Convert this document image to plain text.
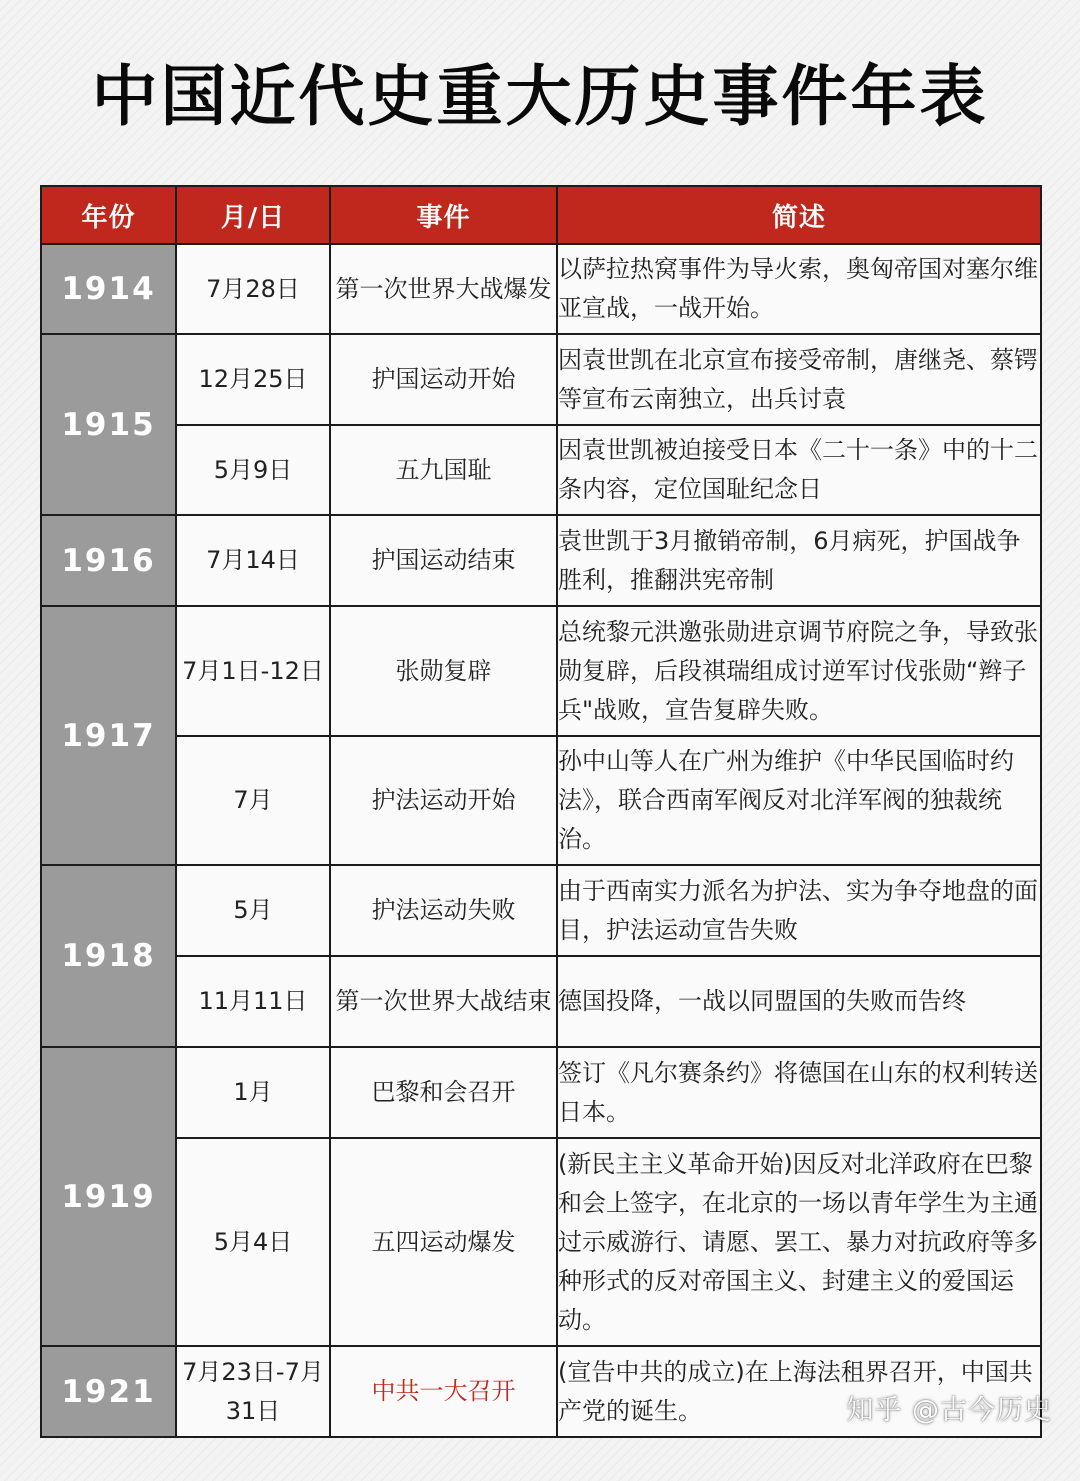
中国近代史重大历史事件年表
年份	月/日	事件	简述
1914	7月28日	第一次世界大战爆发	以萨拉热窝事件为导火索，奥匈帝国对塞尔维亚宣战，一战开始。
1915	12月25日	护国运动开始	因袁世凯在北京宣布接受帝制，唐继尧、蔡锷等宣布云南独立，出兵讨袁
	5月9日	五九国耻	因袁世凯被迫接受日本《二十一条》中的十二条内容，定位国耻纪念日
1916	7月14日	护国运动结束	袁世凯于3月撤销帝制，6月病死，护国战争胜利，推翻洪宪帝制
1917	7月1日-12日	张勋复辟	总统黎元洪邀张勋进京调节府院之争，导致张勋复辟，后段祺瑞组成讨逆军讨伐张勋“辫子兵"战败，宣告复辟失败。
	7月	护法运动开始	孙中山等人在广州为维护《中华民国临时约法》，联合西南军阀反对北洋军阀的独裁统治。
1918	5月	护法运动失败	由于西南实力派名为护法、实为争夺地盘的面目，护法运动宣告失败
	11月11日	第一次世界大战结束	德国投降，一战以同盟国的失败而告终
1919	1月	巴黎和会召开	签订《凡尔赛条约》将德国在山东的权利转送日本。
	5月4日	五四运动爆发	(新民主主义革命开始)因反对北洋政府在巴黎和会上签字，在北京的一场以青年学生为主通过示威游行、请愿、罢工、暴力对抗政府等多种形式的反对帝国主义、封建主义的爱国运动。
1921	7月23日-7月31日	中共一大召开	(宣告中共的成立)在上海法租界召开，中国共产党的诞生。	知乎 @古今历史
